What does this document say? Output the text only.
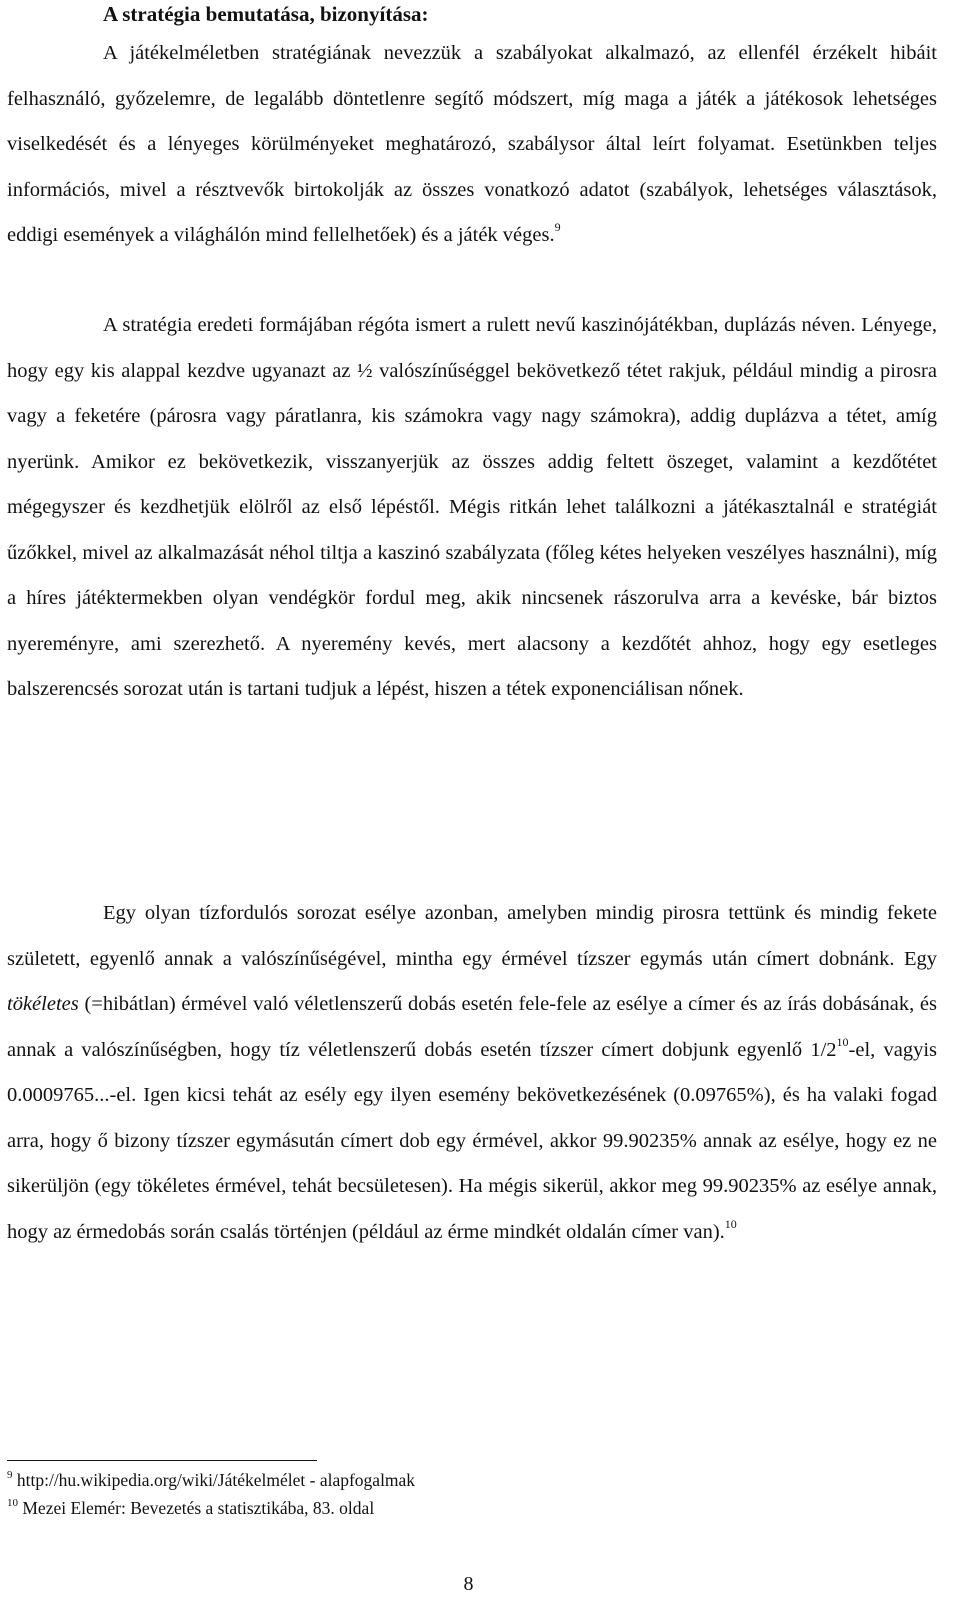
A stratégia bemutatása, bizonyítása:

A játékelméletben stratégiának nevezzük a szabályokat alkalmazó, az ellenfél érzékelt hibáit felhasználó, győzelemre, de legalább döntetlenre segítő módszert, míg maga a játék a játékosok lehetséges viselkedését és a lényeges körülményeket meghatározó, szabálysor által leírt folyamat. Esetünkben teljes információs, mivel a résztvevők birtokolják az összes vonatkozó adatot (szabályok, lehetséges választások, eddigi események a világhálón mind fellelhetőek) és a játék véges.$^9$

A stratégia eredeti formájában régóta ismert a rulett nevű kaszinójátékban, duplázás néven. Lényege, hogy egy kis alappal kezdve ugyanazt az ½ valószínűséggel bekövetkező tétet rakjuk, például mindig a pirosra vagy a feketére (párosra vagy páratlanra, kis számokra vagy nagy számokra), addig duplázva a tétet, amíg nyerünk. Amikor ez bekövetkezik, visszanyerjük az összes addig feltett öszeget, valamint a kezdőtétet mégegyszer és kezdhetjük elölről az első lépéstől. Mégis ritkán lehet találkozni a játékasztalnál e stratégiát űzőkkel, mivel az alkalmazását néhol tiltja a kaszinó szabályzata (főleg kétes helyeken veszélyes használni), míg a híres játéktermekben olyan vendégkör fordul meg, akik nincsenek rászorulva arra a kevéske, bár biztos nyereményre, ami szerezhető. A nyeremény kevés, mert alacsony a kezdőtét ahhoz, hogy egy esetleges balszerencsés sorozat után is tartani tudjuk a lépést, hiszen a tétek exponenciálisan nőnek.

Egy olyan tízfordulós sorozat esélye azonban, amelyben mindig pirosra tettünk és mindig fekete született, egyenlő annak a valószínűségével, mintha egy érmével tízszer egymás után címert dobnánk. Egy tökéletes (=hibátlan) érmével való véletlenszerű dobás esetén fele-fele az esélye a címer és az írás dobásának, és annak a valószínűségben, hogy tíz véletlenszerű dobás esetén tízszer címert dobjunk egyenlő $1/2^{10}-el$, vagyis 0.0009765...-el. Igen kicsi tehát az esély egy ilyen esemény bekövetkezésének (0.09765%), és ha valaki fogad arra, hogy ő bizony tízszer egymásután címert dob egy érmével, akkor 99.90235% annak az esélye, hogy ez ne sikerüljön (egy tökéletes érmével, tehát becsületesen). Ha mégis sikerül, akkor meg 99.90235% az esélye annak, hogy az érmedobás során csalás történjen (például az érme mindkét oldalán címer van).$^{10}$

$^9$ http://hu.wikipedia.org/wiki/Játékelmélet - alapfogalmak

$^{10}$ Mezei Elemér: Bevezetés a statisztikába, 83. oldal

8
